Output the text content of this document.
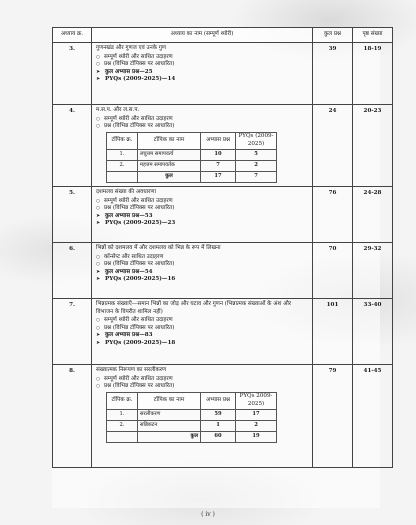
अध्याय क्र.	अध्याय का नाम (सम्पूर्ण थ्योरी)	कुल प्रश्न	पृष्ठ संख्या
3.	गुणनखंड और गुणज एवं उनके गुण
○ सम्पूर्ण थ्योरी और साथित उदाहरण
○ प्रश्न (विभिन्न टॉपिक्स पर आधारित)
➤ कुल अभ्यास प्रश्न—25
➤ PYQs (2009-2025)—14
	39	18-19
4.	म.स.प. और ल.स.प.
○ सम्पूर्ण थ्योरी और साथित उदाहरण
○ प्रश्न (विभिन्न टॉपिक्स पर आधारित)
टॉपिक क्र.	टॉपिक का नाम	अभ्यास प्रश्न	PYQs (2009-2025)
1.	लघुत्तम समापवर्त्य	10	5
2.	महत्तम समापवर्तक	7	2
	कुल	17	7
	24	20-23
5.	दशमलव संख्या की अवधारणा
○ सम्पूर्ण थ्योरी और साथित उदाहरण
○ प्रश्न (विभिन्न टॉपिक्स पर आधारित)
➤ कुल अभ्यास प्रश्न—53
➤ PYQs (2009-2025)—23
	76	24-28
6.	भिन्नों को दशमलव में और दशमलव को भिन्न के रूप में लिखना
○ कॉन्सेप्ट और साथित उदाहरण
○ प्रश्न (विभिन्न टॉपिक्स पर आधारित)
➤ कुल अभ्यास प्रश्न—54
➤ PYQs (2009-2025)—16
	70	29-32
7.	भिन्नात्मक संख्याएँ—समान भिन्नों का जोड़ और घटाव और गुणन (भिन्नात्मक संख्याओं के अंश और विभाजन के विपरीत शामिल नहीं)
○ सम्पूर्ण थ्योरी और साथित उदाहरण
○ प्रश्न (विभिन्न टॉपिक्स पर आधारित)
➤ कुल अभ्यास प्रश्न—83
➤ PYQs (2009-2025)—18
	101	33-40
8.	संख्यात्मक निरूपण का सरलीकरण
○ सम्पूर्ण थ्योरी और साथित उदाहरण
○ प्रश्न (विभिन्न टॉपिक्स पर आधारित)
टॉपिक क्र.	टॉपिक का नाम	अभ्यास प्रश्न	PYQs 2009-2025)
1.	सरलीकरण	59	17
2.	सन्निकटन	1	2
	कुल	60	19
	79	41-45
( iv )
